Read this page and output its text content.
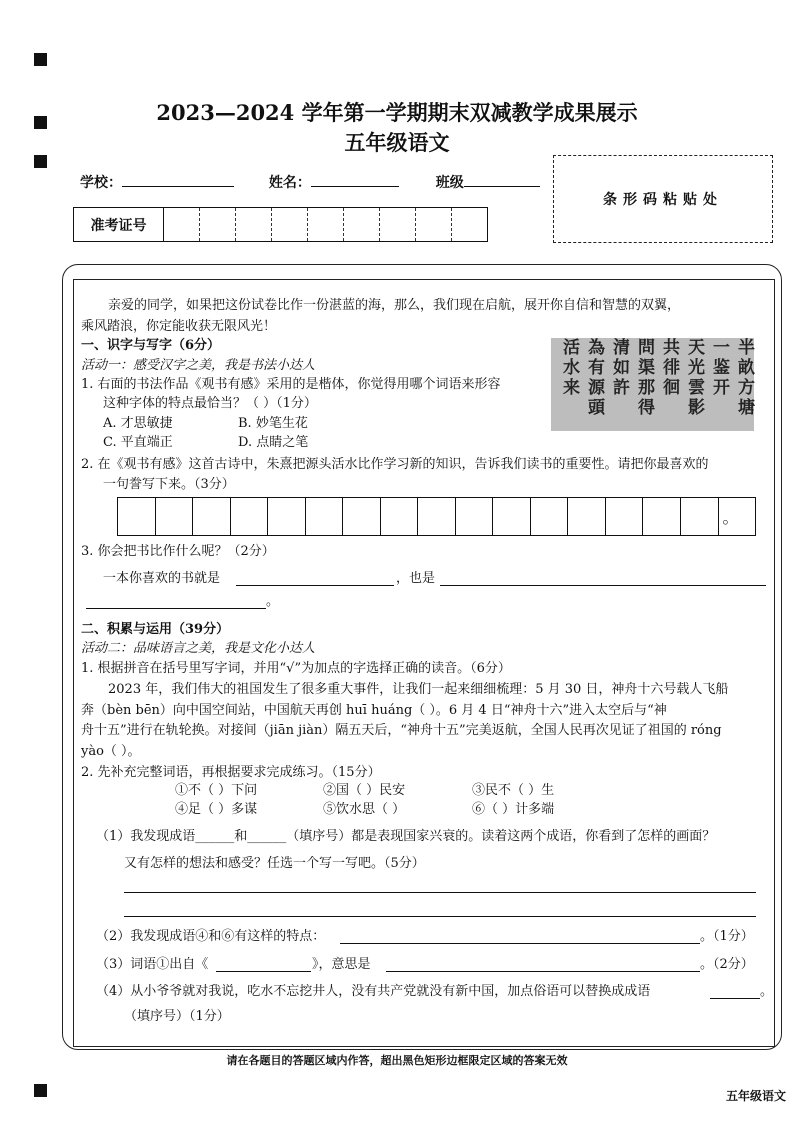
2023—2024 学年第一学期期末双减教学成果展示
五年级语文
学校：	姓名：	班级
准考证号
条形码粘贴处
亲爱的同学，如果把这份试卷比作一份湛蓝的海，那么，我们现在启航，展开你自信和智慧的双翼，
乘风踏浪，你定能收获无限风光！
一、识字与写字（6分）
活动一：感受汉字之美，我是书法小达人
1. 右面的书法作品《观书有感》采用的是楷体，你觉得用哪个词语来形容
这种字体的特点最恰当？（ ）（1分）
A. 才思敏捷	B. 妙笔生花
C. 平直端正	D. 点睛之笔
半畝方塘一鉴开
天光雲影共徘徊
問渠那得清如許
為有源頭活水来
2. 在《观书有感》这首古诗中，朱熹把源头活水比作学习新的知识，告诉我们读书的重要性。请把你最喜欢的
一句誊写下来。（3分）
。
3. 你会把书比作什么呢？（2分）
一本你喜欢的书就是	，也是
。
二、积累与运用（39分）
活动二：品味语言之美，我是文化小达人
1. 根据拼音在括号里写字词，并用“√”为加点的字选择正确的读音。（6分）
2023 年，我们伟大的祖国发生了很多重大事件，让我们一起来细细梳理：5 月 30 日，神舟十六号载人飞船
奔（bèn bēn）向中国空间站，中国航天再创 huī huáng（ ）。6 月 4 日“神舟十六”进入太空后与“神
舟十五”进行在轨轮换。对接间（jiān jiàn）隔五天后，“神舟十五”完美返航，全国人民再次见证了祖国的 róng
yào（ ）。
2. 先补充完整词语，再根据要求完成练习。（15分）
①不（ ）下问	②国（ ）民安	③民不（ ）生
④足（ ）多谋	⑤饮水思（ ）	⑥（ ）计多端
（1）我发现成语______和______（填序号）都是表现国家兴衰的。读着这两个成语，你看到了怎样的画面？
又有怎样的想法和感受？任选一个写一写吧。（5分）
（2）我发现成语④和⑥有这样的特点：	。（1分）
（3）词语①出自《	》，意思是	。（2分）
（4）从小爷爷就对我说，吃水不忘挖井人，没有共产党就没有新中国，加点俗语可以替换成成语	。
（填序号）（1分）
请在各题目的答题区域内作答，超出黑色矩形边框限定区域的答案无效
五年级语文
